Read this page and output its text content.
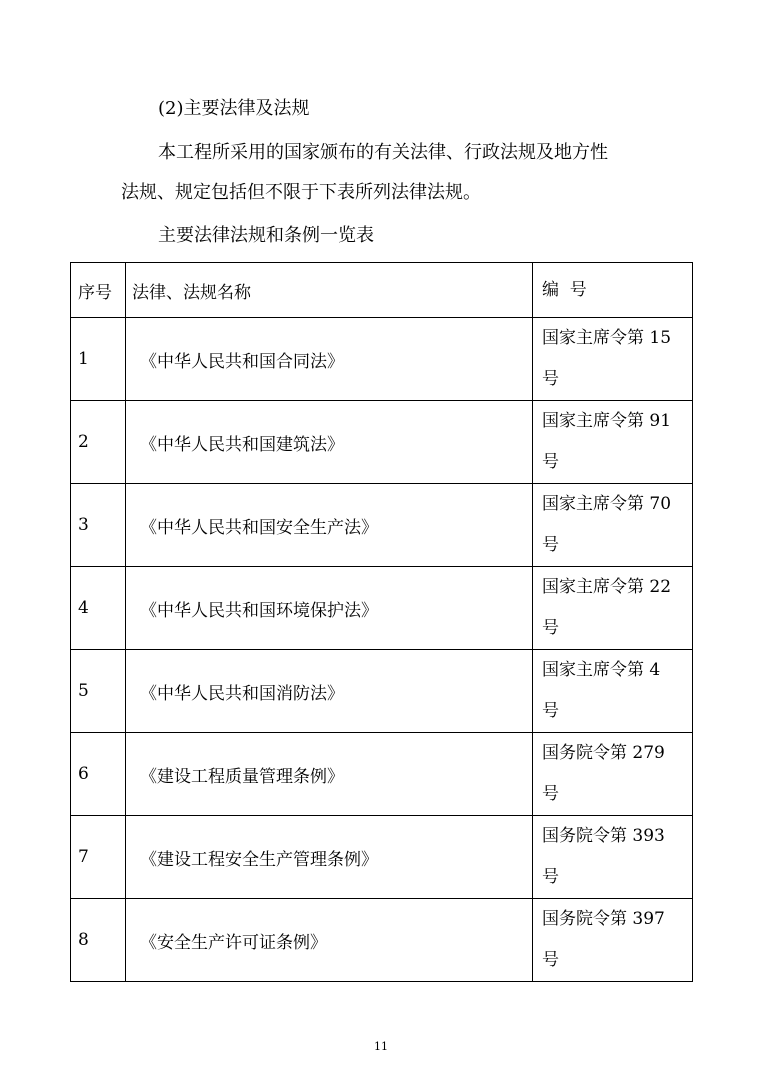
(2)主要法律及法规
本工程所采用的国家颁布的有关法律、行政法规及地方性
法规、规定包括但不限于下表所列法律法规。
主要法律法规和条例一览表
序号	法律、法规名称	编  号
1	《中华人民共和国合同法》	国家主席令第 15
号

2	《中华人民共和国建筑法》	国家主席令第 91
号

3	《中华人民共和国安全生产法》	国家主席令第 70
号

4	《中华人民共和国环境保护法》	国家主席令第 22
号

5	《中华人民共和国消防法》	国家主席令第 4
号

6	《建设工程质量管理条例》	国务院令第 279
号

7	《建设工程安全生产管理条例》	国务院令第 393
号

8	《安全生产许可证条例》	国务院令第 397
号
11
